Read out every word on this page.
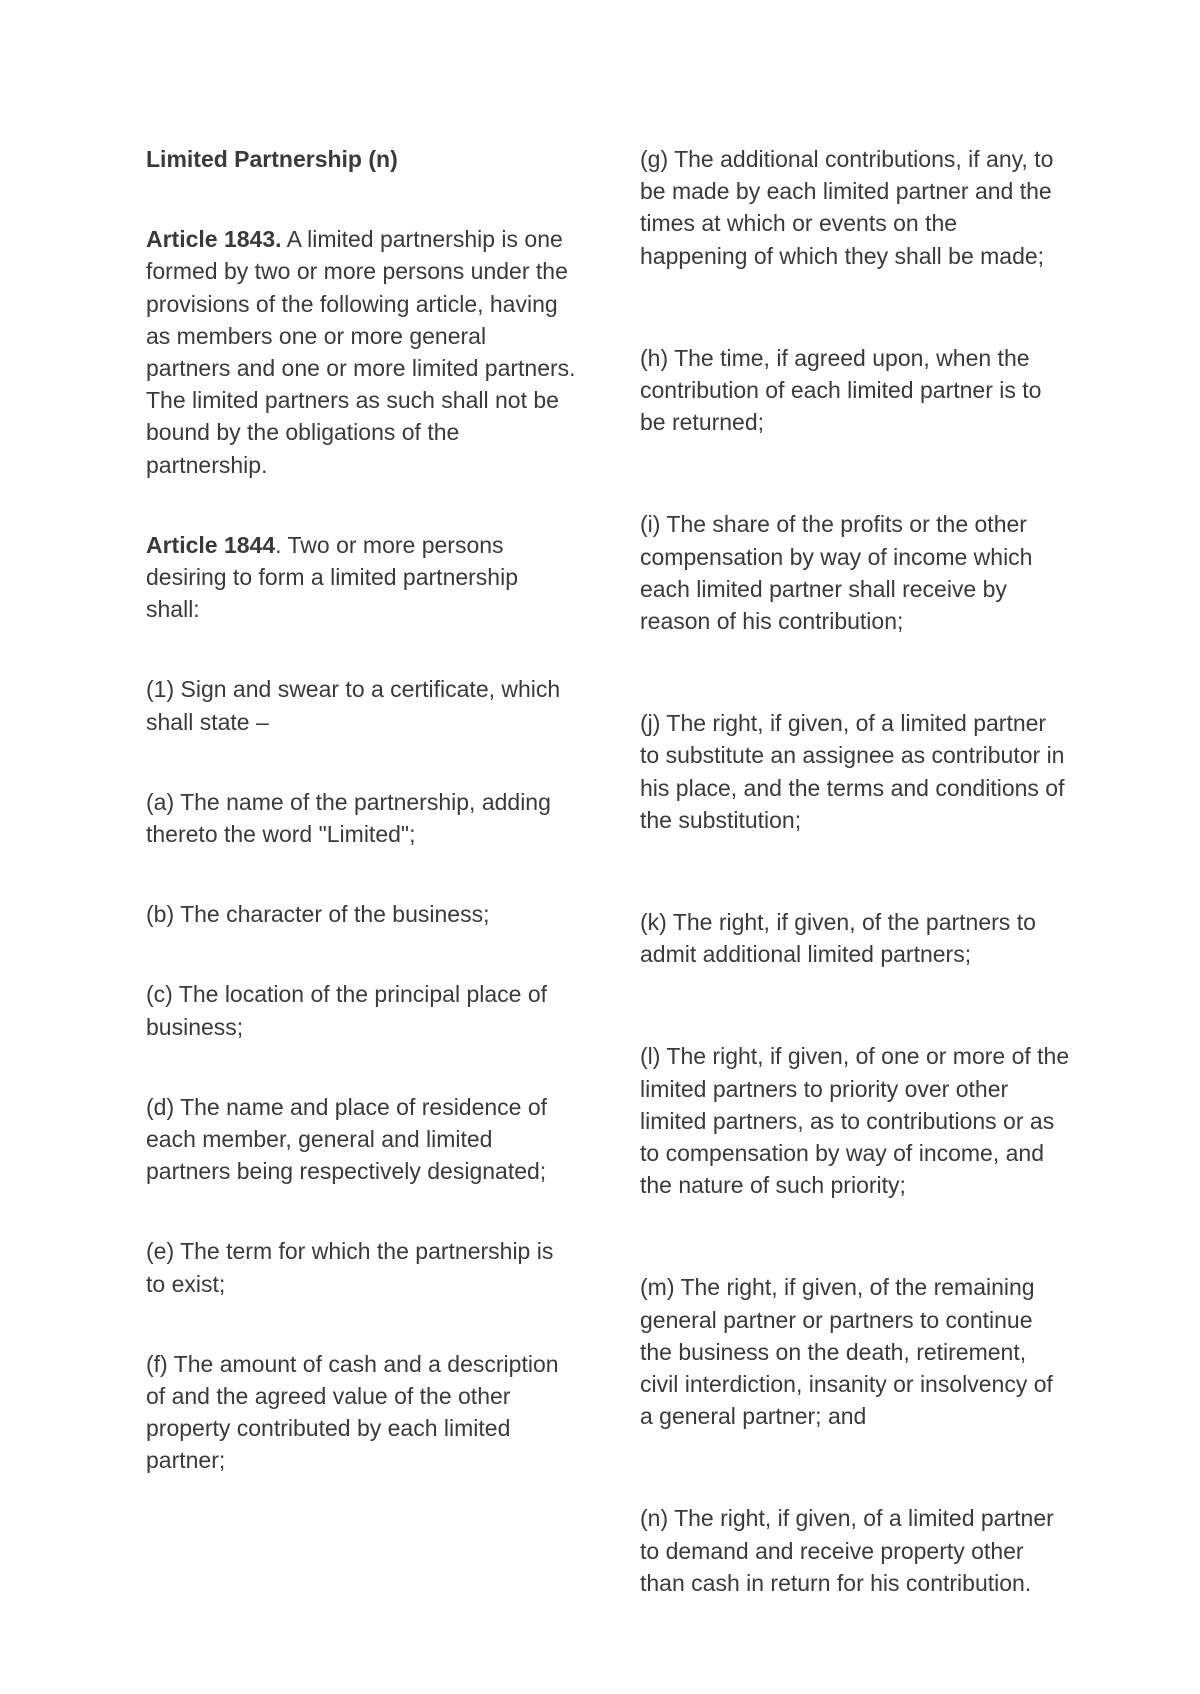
Limited Partnership (n)

Article 1843. A limited partnership is one formed by two or more persons under the provisions of the following article, having as members one or more general partners and one or more limited partners. The limited partners as such shall not be bound by the obligations of the partnership.

Article 1844. Two or more persons desiring to form a limited partnership shall:

(1) Sign and swear to a certificate, which shall state –

(a) The name of the partnership, adding thereto the word "Limited";

(b) The character of the business;

(c) The location of the principal place of business;

(d) The name and place of residence of each member, general and limited partners being respectively designated;

(e) The term for which the partnership is to exist;

(f) The amount of cash and a description of and the agreed value of the other property contributed by each limited partner;

(g) The additional contributions, if any, to be made by each limited partner and the times at which or events on the happening of which they shall be made;

(h) The time, if agreed upon, when the contribution of each limited partner is to be returned;

(i) The share of the profits or the other compensation by way of income which each limited partner shall receive by reason of his contribution;

(j) The right, if given, of a limited partner to substitute an assignee as contributor in his place, and the terms and conditions of the substitution;

(k) The right, if given, of the partners to admit additional limited partners;

(l) The right, if given, of one or more of the limited partners to priority over other limited partners, as to contributions or as to compensation by way of income, and the nature of such priority;

(m) The right, if given, of the remaining general partner or partners to continue the business on the death, retirement, civil interdiction, insanity or insolvency of a general partner; and

(n) The right, if given, of a limited partner to demand and receive property other than cash in return for his contribution.
